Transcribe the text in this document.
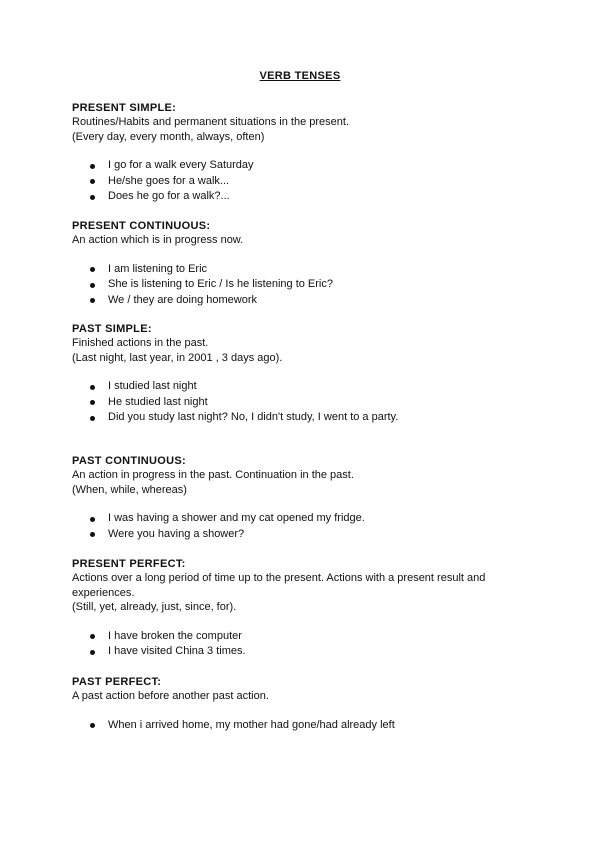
VERB TENSES
PRESENT SIMPLE:
Routines/Habits and permanent situations in the present.
(Every day, every month, always, often)
I go for a walk every Saturday
He/she goes for a walk...
Does he go for a walk?...
PRESENT CONTINUOUS:
An action which is in progress now.
I am listening to Eric
She is listening to Eric / Is he listening to Eric?
We / they are doing homework
PAST SIMPLE:
Finished actions in the past.
(Last night, last year, in 2001 , 3 days ago).
I studied last night
He studied last night
Did you study last night? No, I didn't study, I went to a party.
PAST CONTINUOUS:
An action in progress in the past. Continuation in the past.
(When, while, whereas)
I was having a shower and my cat opened my fridge.
Were you having a shower?
PRESENT PERFECT:
Actions over a long period of time up to the present. Actions with a present result and experiences.
(Still, yet, already, just, since, for).
I have broken the computer
I have visited China 3 times.
PAST PERFECT:
A past action before another past action.
When i arrived home, my mother had gone/had already left
